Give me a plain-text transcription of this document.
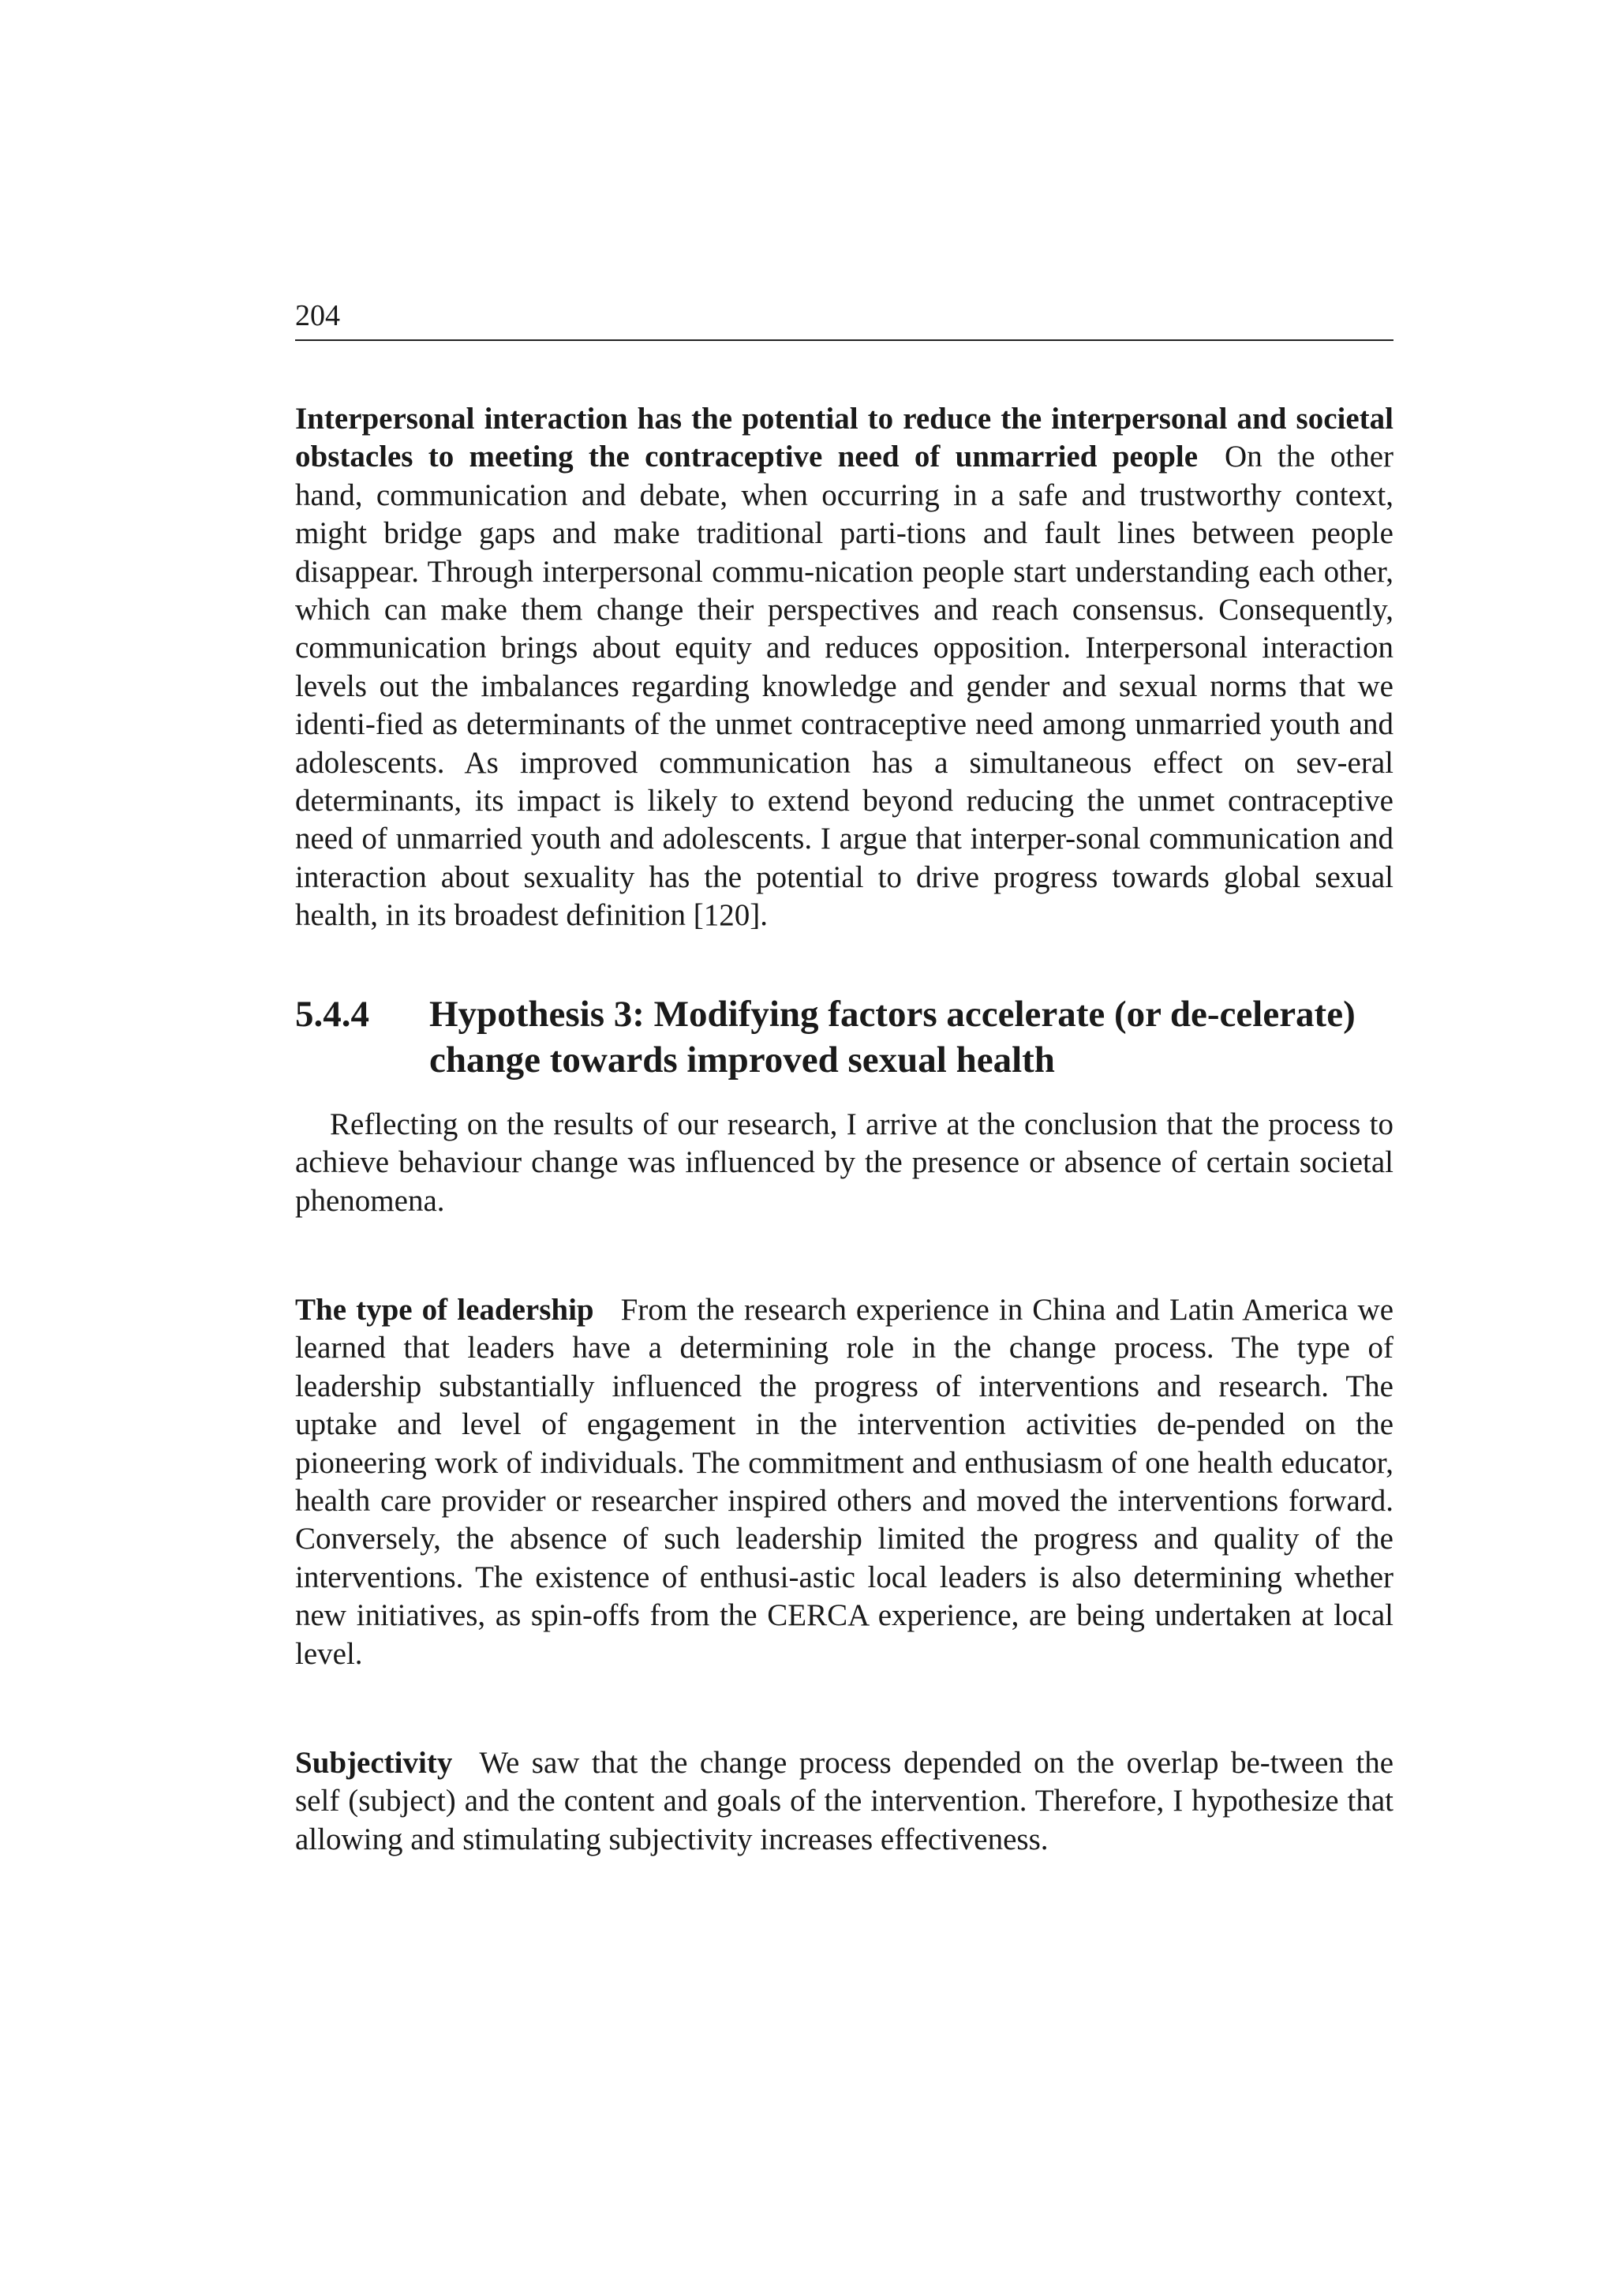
204

Interpersonal interaction has the potential to reduce the interpersonal and societal obstacles to meeting the contraceptive need of unmarried people On the other hand, communication and debate, when occurring in a safe and trustworthy context, might bridge gaps and make traditional parti-tions and fault lines between people disappear. Through interpersonal commu-nication people start understanding each other, which can make them change their perspectives and reach consensus. Consequently, communication brings about equity and reduces opposition. Interpersonal interaction levels out the imbalances regarding knowledge and gender and sexual norms that we identi-fied as determinants of the unmet contraceptive need among unmarried youth and adolescents. As improved communication has a simultaneous effect on sev-eral determinants, its impact is likely to extend beyond reducing the unmet contraceptive need of unmarried youth and adolescents. I argue that interper-sonal communication and interaction about sexuality has the potential to drive progress towards global sexual health, in its broadest definition [120].

5.4.4	Hypothesis 3: Modifying factors accelerate (or de-celerate) change towards improved sexual health

Reflecting on the results of our research, I arrive at the conclusion that the process to achieve behaviour change was influenced by the presence or absence of certain societal phenomena.

The type of leadership From the research experience in China and Latin America we learned that leaders have a determining role in the change process. The type of leadership substantially influenced the progress of interventions and research. The uptake and level of engagement in the intervention activities de-pended on the pioneering work of individuals. The commitment and enthusiasm of one health educator, health care provider or researcher inspired others and moved the interventions forward. Conversely, the absence of such leadership limited the progress and quality of the interventions. The existence of enthusi-astic local leaders is also determining whether new initiatives, as spin-offs from the CERCA experience, are being undertaken at local level.

Subjectivity We saw that the change process depended on the overlap be-tween the self (subject) and the content and goals of the intervention. Therefore, I hypothesize that allowing and stimulating subjectivity increases effectiveness.
